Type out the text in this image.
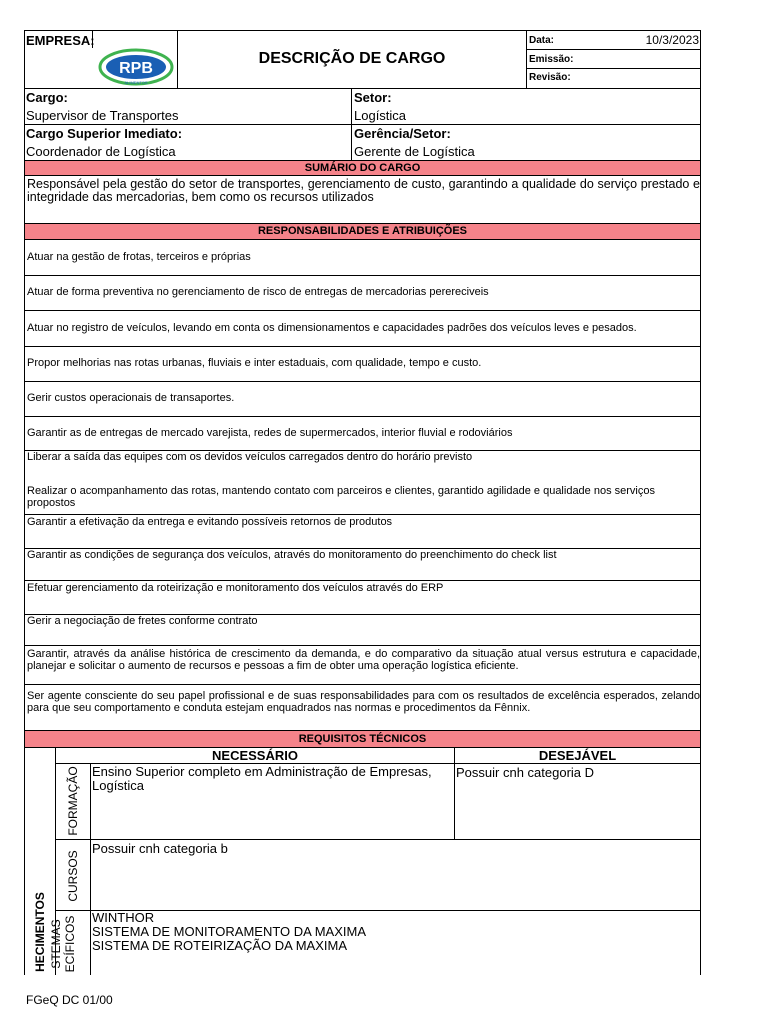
EMPRESA:
RPB
ALIMENTOS
DESCRIÇÃO DE CARGO
Data:	10/3/2023
Emissão:
Revisão:
Cargo:
Supervisor de Transportes
Setor:
Logística
Cargo Superior Imediato:
Coordenador de Logística
Gerência/Setor:
Gerente de Logística
SUMÁRIO DO CARGO
Responsável pela gestão do setor de transportes, gerenciamento de custo, garantindo a qualidade do serviço prestado e integridade das mercadorias, bem como os recursos utilizados
RESPONSABILIDADES E ATRIBUIÇÕES
Atuar na gestão de frotas, terceiros e próprias
Atuar de forma preventiva no gerenciamento de risco de entregas de mercadorias perereciveis
Atuar no registro de veículos, levando em conta os dimensionamentos e capacidades padrões dos veículos leves e pesados.
Propor melhorias nas rotas urbanas, fluviais e inter estaduais, com qualidade, tempo e custo.
Gerir custos operacionais de transaportes.
Garantir as de entregas de mercado varejista, redes de supermercados, interior fluvial e rodoviários
Liberar a saída das equipes com os devidos veículos carregados dentro do horário previsto
Realizar o acompanhamento das rotas, mantendo contato com parceiros e clientes, garantido agilidade e qualidade nos serviços propostos
Garantir a efetivação da entrega e evitando possíveis retornos de produtos
Garantir as condições de segurança dos veículos, através do monitoramento do preenchimento do check list
Efetuar gerenciamento da roteirização e monitoramento dos veículos através do ERP
Gerir a negociação de fretes conforme contrato
Garantir, através da análise histórica de crescimento da demanda, e do comparativo da situação atual versus estrutura e capacidade, planejar e solicitar o aumento de recursos e pessoas a fim de obter uma operação logística eficiente.
Ser agente consciente do seu papel profissional e de suas responsabilidades para com os resultados de excelência esperados, zelando para que seu comportamento e conduta estejam enquadrados nas normas e procedimentos da Fênnix.
REQUISITOS TÉCNICOS
NECESSÁRIO	DESEJÁVEL
HECIMENTOS
FORMAÇÃO Ensino Superior completo em Administração de Empresas, Logística
Possuir cnh categoria D
CURSOS
Possuir cnh categoria b
STEMAS ECÍFICOS WINTHOR
SISTEMA DE MONITORAMENTO DA MAXIMA
SISTEMA DE ROTEIRIZAÇÃO DA MAXIMA
FGeQ DC 01/00
